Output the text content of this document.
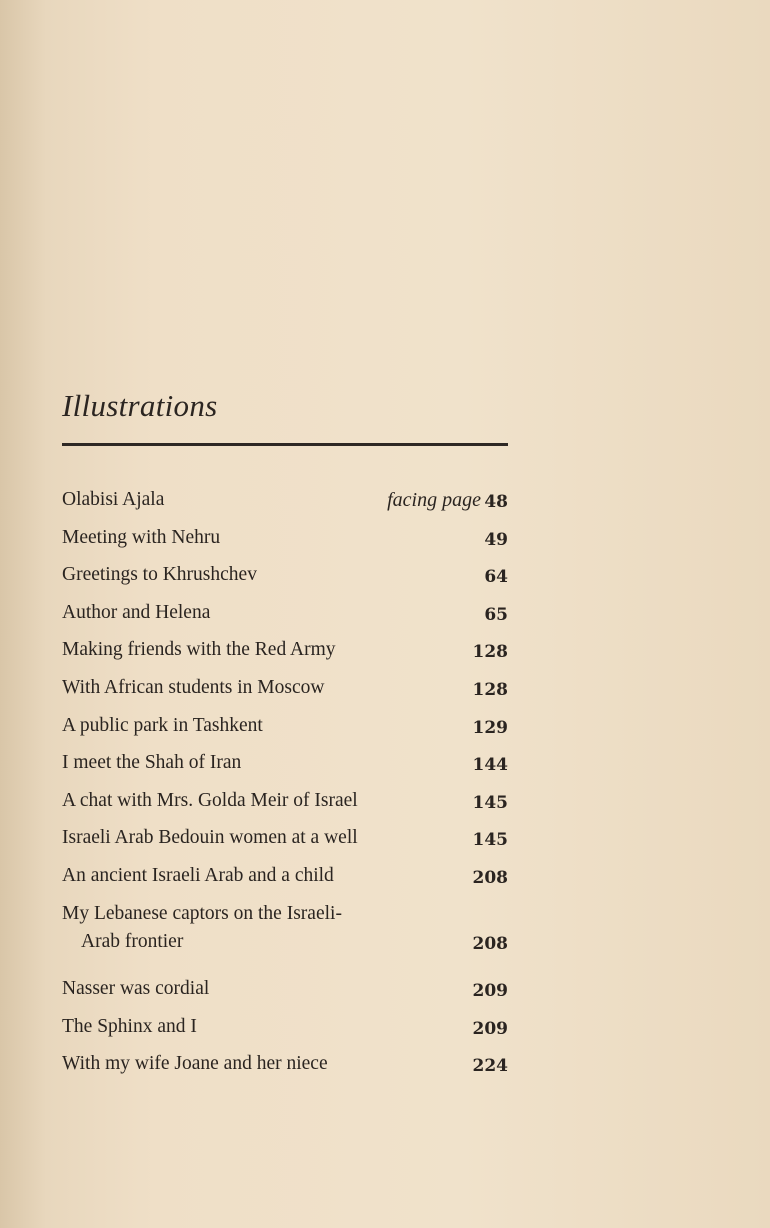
Illustrations
Olabisi Ajala	facing page 48
Meeting with Nehru	49
Greetings to Khrushchev	64
Author and Helena	65
Making friends with the Red Army	128
With African students in Moscow	128
A public park in Tashkent	129
I meet the Shah of Iran	144
A chat with Mrs. Golda Meir of Israel	145
Israeli Arab Bedouin women at a well	145
An ancient Israeli Arab and a child	208
My Lebanese captors on the Israeli-
Arab frontier	208
Nasser was cordial	209
The Sphinx and I	209
With my wife Joane and her niece	224
